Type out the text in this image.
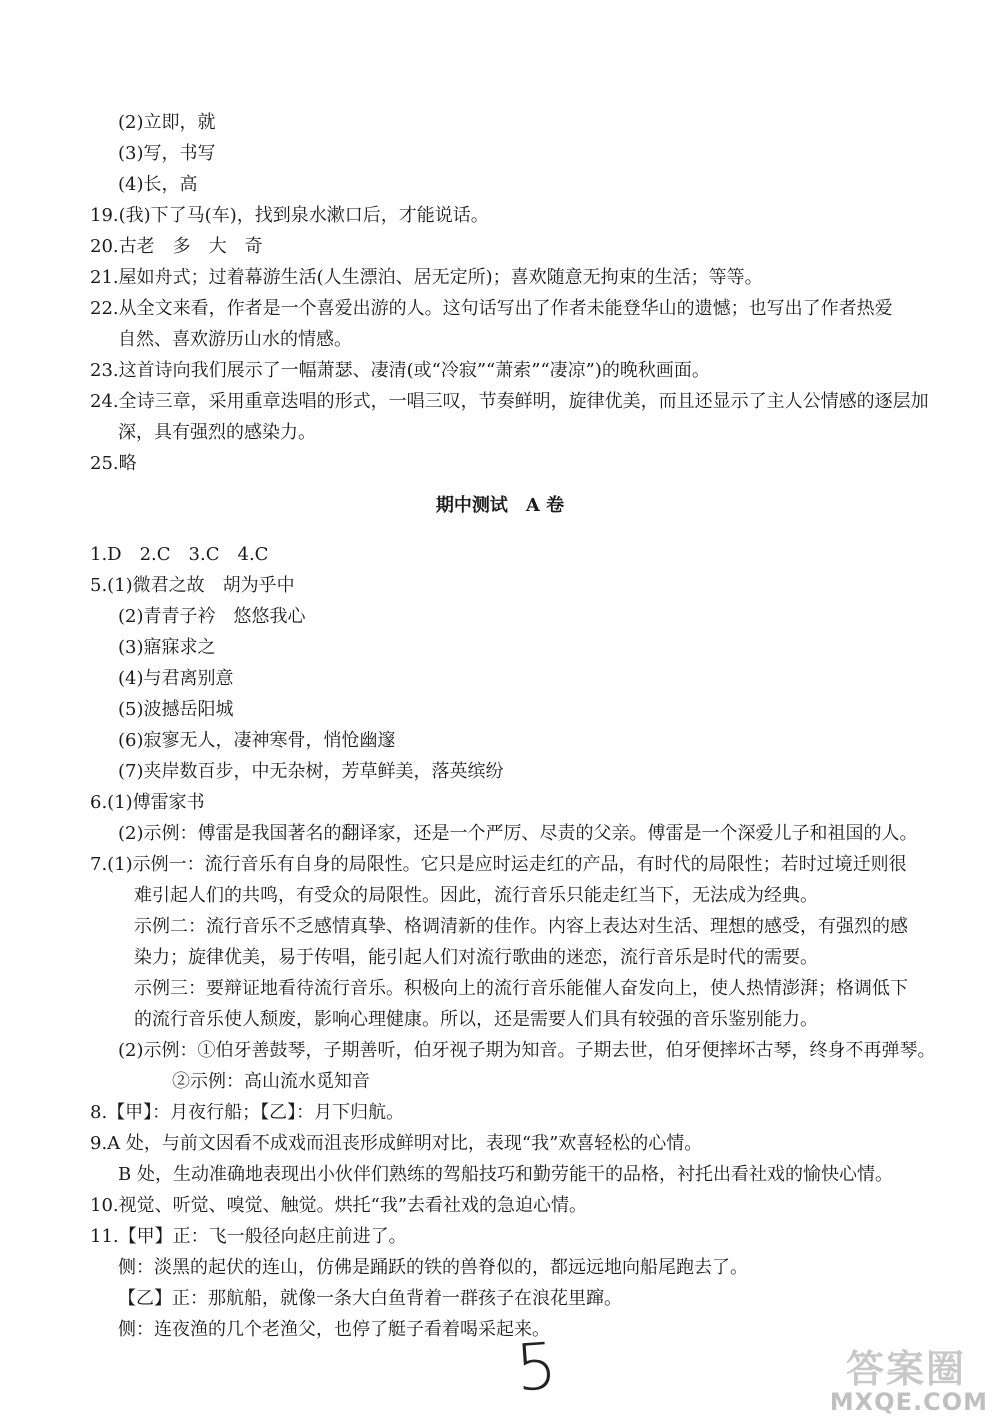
(2)立即，就
(3)写，书写
(4)长，高
19.(我)下了马(车)，找到泉水漱口后，才能说话。
20.古老　多　大　奇
21.屋如舟式；过着幕游生活(人生漂泊、居无定所)；喜欢随意无拘束的生活；等等。
22.从全文来看，作者是一个喜爱出游的人。这句话写出了作者未能登华山的遗憾；也写出了作者热爱
自然、喜欢游历山水的情感。
23.这首诗向我们展示了一幅萧瑟、凄清(或“冷寂”“萧索”“凄凉”)的晚秋画面。
24.全诗三章，采用重章迭唱的形式，一唱三叹，节奏鲜明，旋律优美，而且还显示了主人公情感的逐层加
深，具有强烈的感染力。
25.略
期中测试　A 卷
1.D　2.C　3.C　4.C
5.(1)微君之故　胡为乎中
(2)青青子衿　悠悠我心
(3)寤寐求之
(4)与君离别意
(5)波撼岳阳城
(6)寂寥无人，凄神寒骨，悄怆幽邃
(7)夹岸数百步，中无杂树，芳草鲜美，落英缤纷
6.(1)傅雷家书
(2)示例：傅雷是我国著名的翻译家，还是一个严厉、尽责的父亲。傅雷是一个深爱儿子和祖国的人。
7.(1)示例一：流行音乐有自身的局限性。它只是应时运走红的产品，有时代的局限性；若时过境迁则很
难引起人们的共鸣，有受众的局限性。因此，流行音乐只能走红当下，无法成为经典。
示例二：流行音乐不乏感情真挚、格调清新的佳作。内容上表达对生活、理想的感受，有强烈的感
染力；旋律优美，易于传唱，能引起人们对流行歌曲的迷恋，流行音乐是时代的需要。
示例三：要辩证地看待流行音乐。积极向上的流行音乐能催人奋发向上，使人热情澎湃；格调低下
的流行音乐使人颓废，影响心理健康。所以，还是需要人们具有较强的音乐鉴别能力。
(2)示例：①伯牙善鼓琴，子期善听，伯牙视子期为知音。子期去世，伯牙便摔坏古琴，终身不再弹琴。
②示例：高山流水觅知音
8.【甲】：月夜行船；【乙】：月下归航。
9.A 处，与前文因看不成戏而沮丧形成鲜明对比，表现“我”欢喜轻松的心情。
B 处，生动准确地表现出小伙伴们熟练的驾船技巧和勤劳能干的品格，衬托出看社戏的愉快心情。
10.视觉、听觉、嗅觉、触觉。烘托“我”去看社戏的急迫心情。
11.【甲】正：飞一般径向赵庄前进了。
侧：淡黑的起伏的连山，仿佛是踊跃的铁的兽脊似的，都远远地向船尾跑去了。
【乙】正：那航船，就像一条大白鱼背着一群孩子在浪花里蹿。
侧：连夜渔的几个老渔父，也停了艇子看着喝采起来。
5	答案圈
MXQE.COM
